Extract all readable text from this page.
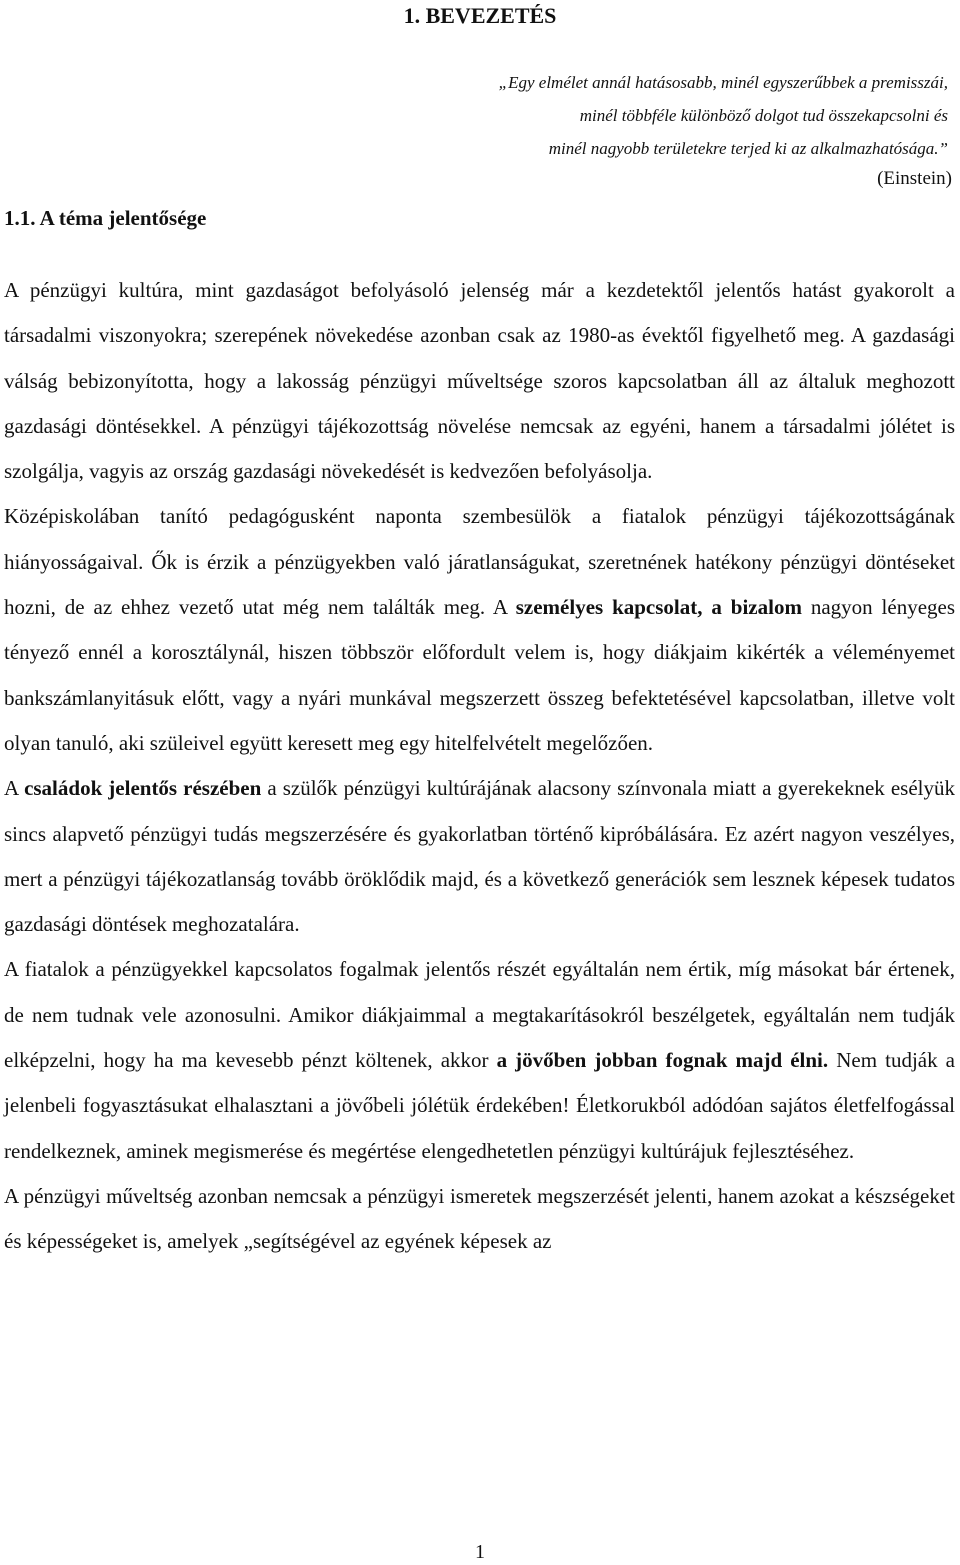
1. BEVEZETÉS
„Egy elmélet annál hatásosabb, minél egyszerűbbek a premisszái,
minél többféle különböző dolgot tud összekapcsolni és
minél nagyobb területekre terjed ki az alkalmazhatósága.”
(Einstein)
1.1. A téma jelentősége

A pénzügyi kultúra, mint gazdaságot befolyásoló jelenség már a kezdetektől jelentős hatást gyakorolt a társadalmi viszonyokra; szerepének növekedése azonban csak az 1980-as évektől figyelhető meg. A gazdasági válság bebizonyította, hogy a lakosság pénzügyi műveltsége szoros kapcsolatban áll az általuk meghozott gazdasági döntésekkel. A pénzügyi tájékozottság növelése nemcsak az egyéni, hanem a társadalmi jólétet is szolgálja, vagyis az ország gazdasági növekedését is kedvezően befolyásolja.

Középiskolában tanító pedagógusként naponta szembesülök a fiatalok pénzügyi tájékozottságának hiányosságaival. Ők is érzik a pénzügyekben való járatlanságukat, szeretnének hatékony pénzügyi döntéseket hozni, de az ehhez vezető utat még nem találták meg. A személyes kapcsolat, a bizalom nagyon lényeges tényező ennél a korosztálynál, hiszen többször előfordult velem is, hogy diákjaim kikérték a véleményemet bankszámlanyitásuk előtt, vagy a nyári munkával megszerzett összeg befektetésével kapcsolatban, illetve volt olyan tanuló, aki szüleivel együtt keresett meg egy hitelfelvételt megelőzően.

A családok jelentős részében a szülők pénzügyi kultúrájának alacsony színvonala miatt a gyerekeknek esélyük sincs alapvető pénzügyi tudás megszerzésére és gyakorlatban történő kipróbálására. Ez azért nagyon veszélyes, mert a pénzügyi tájékozatlanság tovább öröklődik majd, és a következő generációk sem lesznek képesek tudatos gazdasági döntések meghozatalára.

A fiatalok a pénzügyekkel kapcsolatos fogalmak jelentős részét egyáltalán nem értik, míg másokat bár értenek, de nem tudnak vele azonosulni. Amikor diákjaimmal a megtakarításokról beszélgetek, egyáltalán nem tudják elképzelni, hogy ha ma kevesebb pénzt költenek, akkor a jövőben jobban fognak majd élni. Nem tudják a jelenbeli fogyasztásukat elhalasztani a jövőbeli jólétük érdekében! Életkorukból adódóan sajátos életfelfogással rendelkeznek, aminek megismerése és megértése elengedhetetlen pénzügyi kultúrájuk fejlesztéséhez.

A pénzügyi műveltség azonban nemcsak a pénzügyi ismeretek megszerzését jelenti, hanem azokat a készségeket és képességeket is, amelyek „segítségével az egyének képesek az

1
